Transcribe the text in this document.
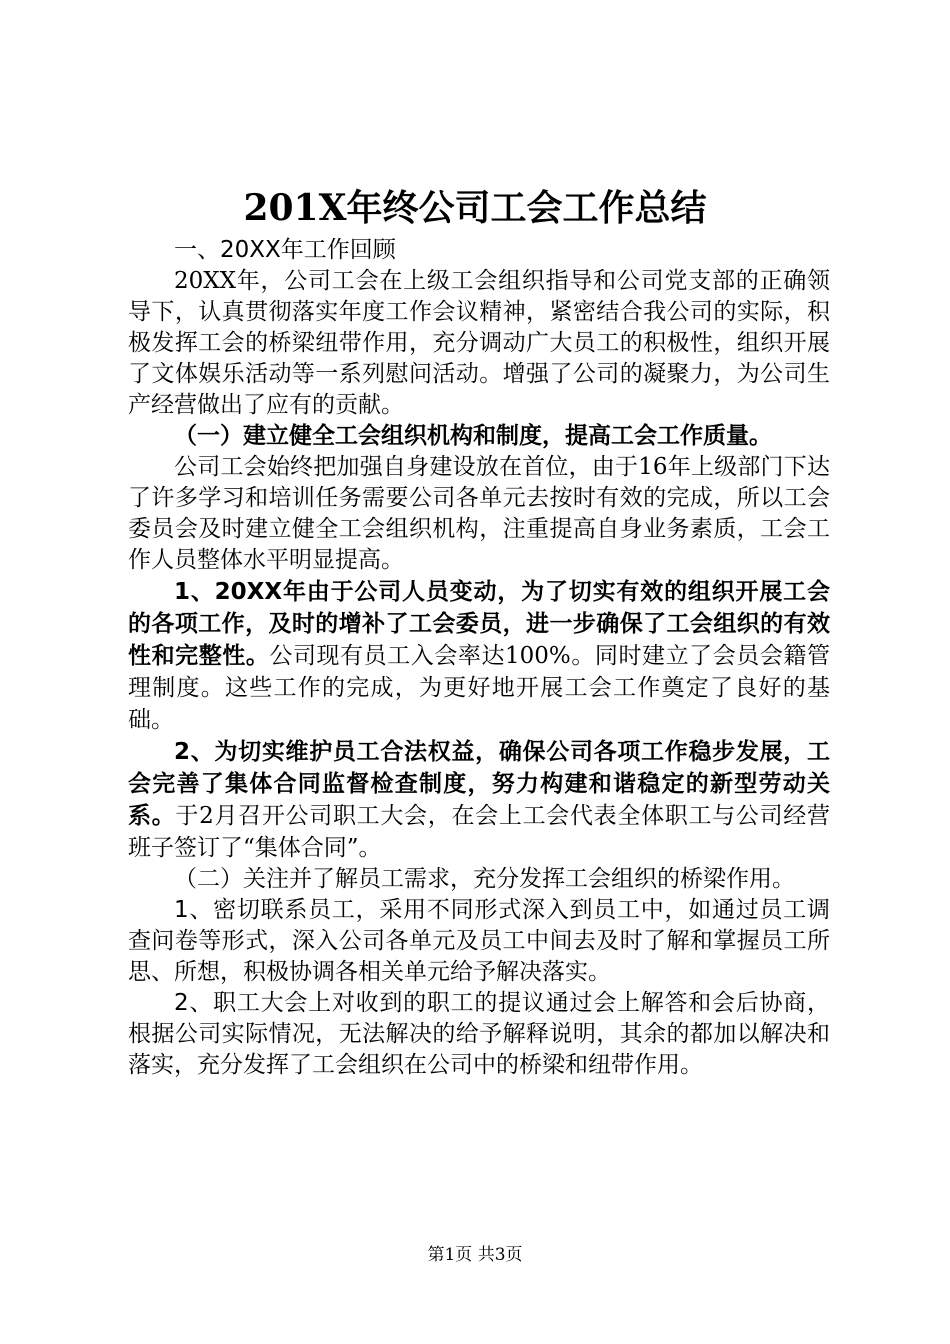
201X年终公司工会工作总结

一、20XX年工作回顾

20XX年，公司工会在上级工会组织指导和公司党支部的正确领导下，认真贯彻落实年度工作会议精神，紧密结合我公司的实际，积极发挥工会的桥梁纽带作用，充分调动广大员工的积极性，组织开展了文体娱乐活动等一系列慰问活动。增强了公司的凝聚力，为公司生产经营做出了应有的贡献。

（一）建立健全工会组织机构和制度，提高工会工作质量。

公司工会始终把加强自身建设放在首位，由于16年上级部门下达了许多学习和培训任务需要公司各单元去按时有效的完成，所以工会委员会及时建立健全工会组织机构，注重提高自身业务素质，工会工作人员整体水平明显提高。

1、20XX年由于公司人员变动，为了切实有效的组织开展工会的各项工作，及时的增补了工会委员，进一步确保了工会组织的有效性和完整性。公司现有员工入会率达100%。同时建立了会员会籍管理制度。这些工作的完成，为更好地开展工会工作奠定了良好的基础。

2、为切实维护员工合法权益，确保公司各项工作稳步发展，工会完善了集体合同监督检查制度，努力构建和谐稳定的新型劳动关系。于2月召开公司职工大会，在会上工会代表全体职工与公司经营班子签订了“集体合同”。

（二）关注并了解员工需求，充分发挥工会组织的桥梁作用。

1、密切联系员工，采用不同形式深入到员工中，如通过员工调查问卷等形式，深入公司各单元及员工中间去及时了解和掌握员工所思、所想，积极协调各相关单元给予解决落实。

2、职工大会上对收到的职工的提议通过会上解答和会后协商，根据公司实际情况，无法解决的给予解释说明，其余的都加以解决和落实，充分发挥了工会组织在公司中的桥梁和纽带作用。

第1页 共3页
